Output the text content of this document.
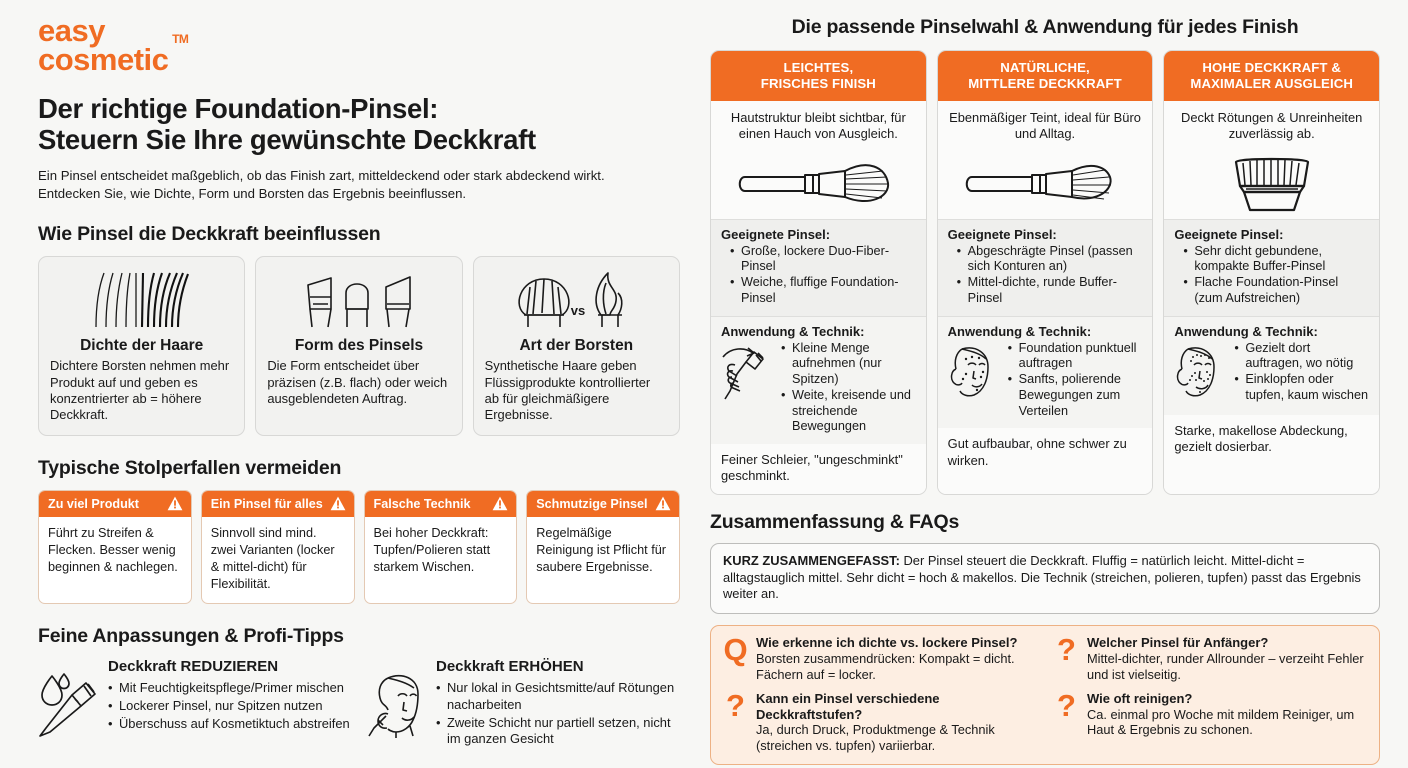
easy
cosmetic
TM
Der richtige Foundation-Pinsel:
Steuern Sie Ihre gewünschte Deckkraft

Ein Pinsel entscheidet maßgeblich, ob das Finish zart, mitteldeckend oder stark abdeckend wirkt. Entdecken Sie, wie Dichte, Form und Borsten das Ergebnis beeinflussen.

Wie Pinsel die Deckkraft beeinflussen
Dichte der Haare

Dichtere Borsten nehmen mehr Produkt auf und geben es konzentrierter ab = höhere Deckkraft.

Form des Pinsels

Die Form entscheidet über präzisen (z.B. flach) oder weich ausgeblendeten Auftrag.

vs
Art der Borsten

Synthetische Haare geben Flüssigprodukte kontrollierter ab für gleichmäßigere Ergebnisse.

Typische Stolperfallen vermeiden
Zu viel Produkt
Führt zu Streifen & Flecken. Besser wenig beginnen & nachlegen.
Ein Pinsel für alles
Sinnvoll sind mind. zwei Varianten (locker & mittel-dicht) für Flexibilität.
Falsche Technik
Bei hoher Deckkraft: Tupfen/Polieren statt starkem Wischen.
Schmutzige Pinsel
Regelmäßige Reinigung ist Pflicht für saubere Ergebnisse.
Feine Anpassungen & Profi-Tipps
Deckkraft REDUZIEREN
• Mit Feuchtigkeitspflege/Primer mischen
• Lockerer Pinsel, nur Spitzen nutzen
• Überschuss auf Kosmetiktuch abstreifen
Deckkraft ERHÖHEN
• Nur lokal in Gesichtsmitte/auf Rötungen nacharbeiten
• Zweite Schicht nur partiell setzen, nicht im ganzen Gesicht
Die passende Pinselwahl & Anwendung für jedes Finish
LEICHTES,
FRISCHES FINISH
Hautstruktur bleibt sichtbar, für einen Hauch von Ausgleich.
Geeignete Pinsel:
• Große, lockere Duo-Fiber-Pinsel
• Weiche, fluffige Foundation-Pinsel
Anwendung & Technik:
• Kleine Menge aufnehmen (nur Spitzen)
• Weite, kreisende und streichende Bewegungen
Feiner Schleier, "ungeschminkt" geschminkt.
NATÜRLICHE,
MITTLERE DECKKRAFT
Ebenmäßiger Teint, ideal für Büro und Alltag.
Geeignete Pinsel:
• Abgeschrägte Pinsel (passen sich Konturen an)
• Mittel-dichte, runde Buffer-Pinsel
Anwendung & Technik:
• Foundation punktuell auftragen
• Sanfts, polierende Bewegungen zum Verteilen
Gut aufbaubar, ohne schwer zu wirken.
HOHE DECKKRAFT &
MAXIMALER AUSGLEICH
Deckt Rötungen & Unreinheiten zuverlässig ab.
Geeignete Pinsel:
• Sehr dicht gebundene, kompakte Buffer-Pinsel
• Flache Foundation-Pinsel (zum Aufstreichen)
Anwendung & Technik:
• Gezielt dort auftragen, wo nötig
• Einklopfen oder tupfen, kaum wischen
Starke, makellose Abdeckung, gezielt dosierbar.
Zusammenfassung & FAQs
KURZ ZUSAMMENGEFASST: Der Pinsel steuert die Deckkraft. Fluffig = natürlich leicht. Mittel-dicht = alltagstauglich mittel. Sehr dicht = hoch & makellos. Die Technik (streichen, polieren, tupfen) passt das Ergebnis weiter an.
Q Wie erkenne ich dichte vs. lockere Pinsel?
Borsten zusammendrücken: Kompakt = dicht. Fächern auf = locker.
? Kann ein Pinsel verschiedene Deckkraftstufen?
Ja, durch Druck, Produktmenge & Technik (streichen vs. tupfen) variierbar.
? Welcher Pinsel für Anfänger?
Mittel-dichter, runder Allrounder – verzeiht Fehler und ist vielseitig.
? Wie oft reinigen?
Ca. einmal pro Woche mit mildem Reiniger, um Haut & Ergebnis zu schonen.
